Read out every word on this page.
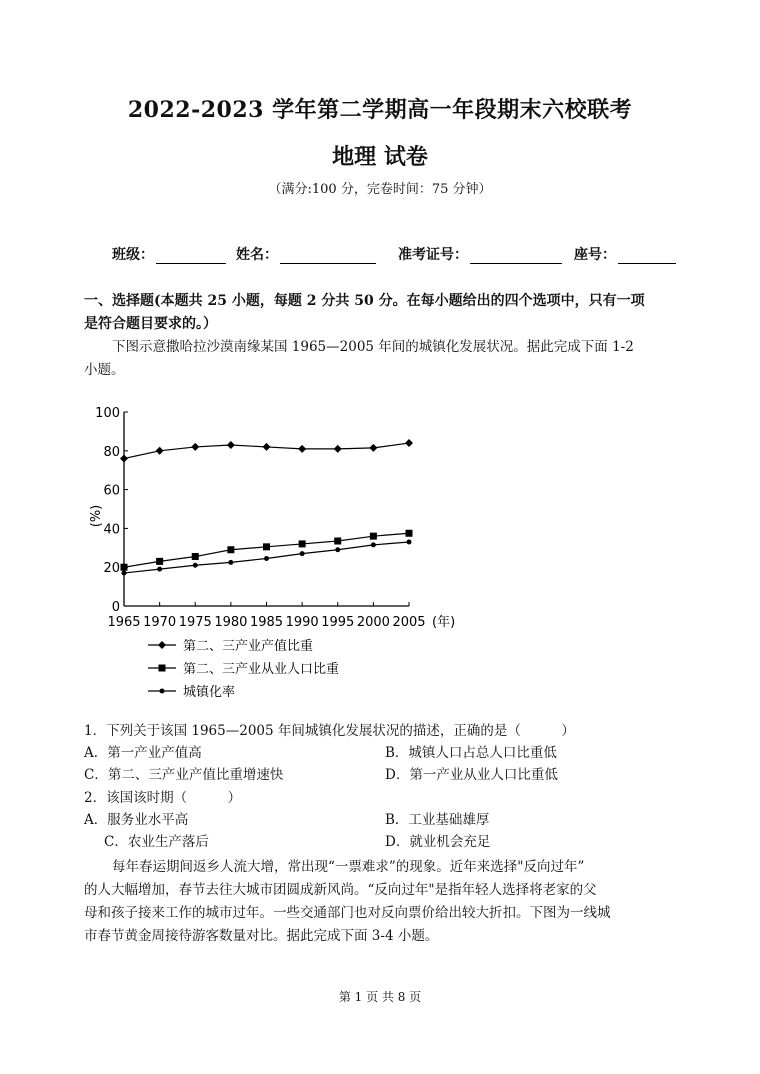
2022-2023 学年第二学期高一年段期末六校联考
地理 试卷
（满分:100 分，完卷时间：75 分钟）
班级：	姓名：	准考证号：	座号：
一、选择题(本题共 25 小题，每题 2 分共 50 分。在每小题给出的四个选项中，只有一项
是符合题目要求的。）
下图示意撒哈拉沙漠南缘某国 1965—2005 年间的城镇化发展状况。据此完成下面 1-2
小题。
0
20
40
60
80
100
1965 1970 1975 1980 1985 1990 1995 2000 2005 (年)
(%)
第二、三产业产值比重
第二、三产业从业人口比重
城镇化率
1．下列关于该国 1965—2005 年间城镇化发展状况的描述，正确的是（　　　）
A．第一产业产值高	B．城镇人口占总人口比重低
C．第二、三产业产值比重增速快	D．第一产业从业人口比重低
2．该国该时期（　　　）
A．服务业水平高	B．工业基础雄厚
C．农业生产落后	D．就业机会充足
每年春运期间返乡人流大增，常出现“一票难求”的现象。近年来选择"反向过年”
的人大幅增加，春节去往大城市团圆成新风尚。“反向过年"是指年轻人选择将老家的父
母和孩子接来工作的城市过年。一些交通部门也对反向票价给出较大折扣。下图为一线城
市春节黄金周接待游客数量对比。据此完成下面 3-4 小题。
第 1 页 共 8 页
